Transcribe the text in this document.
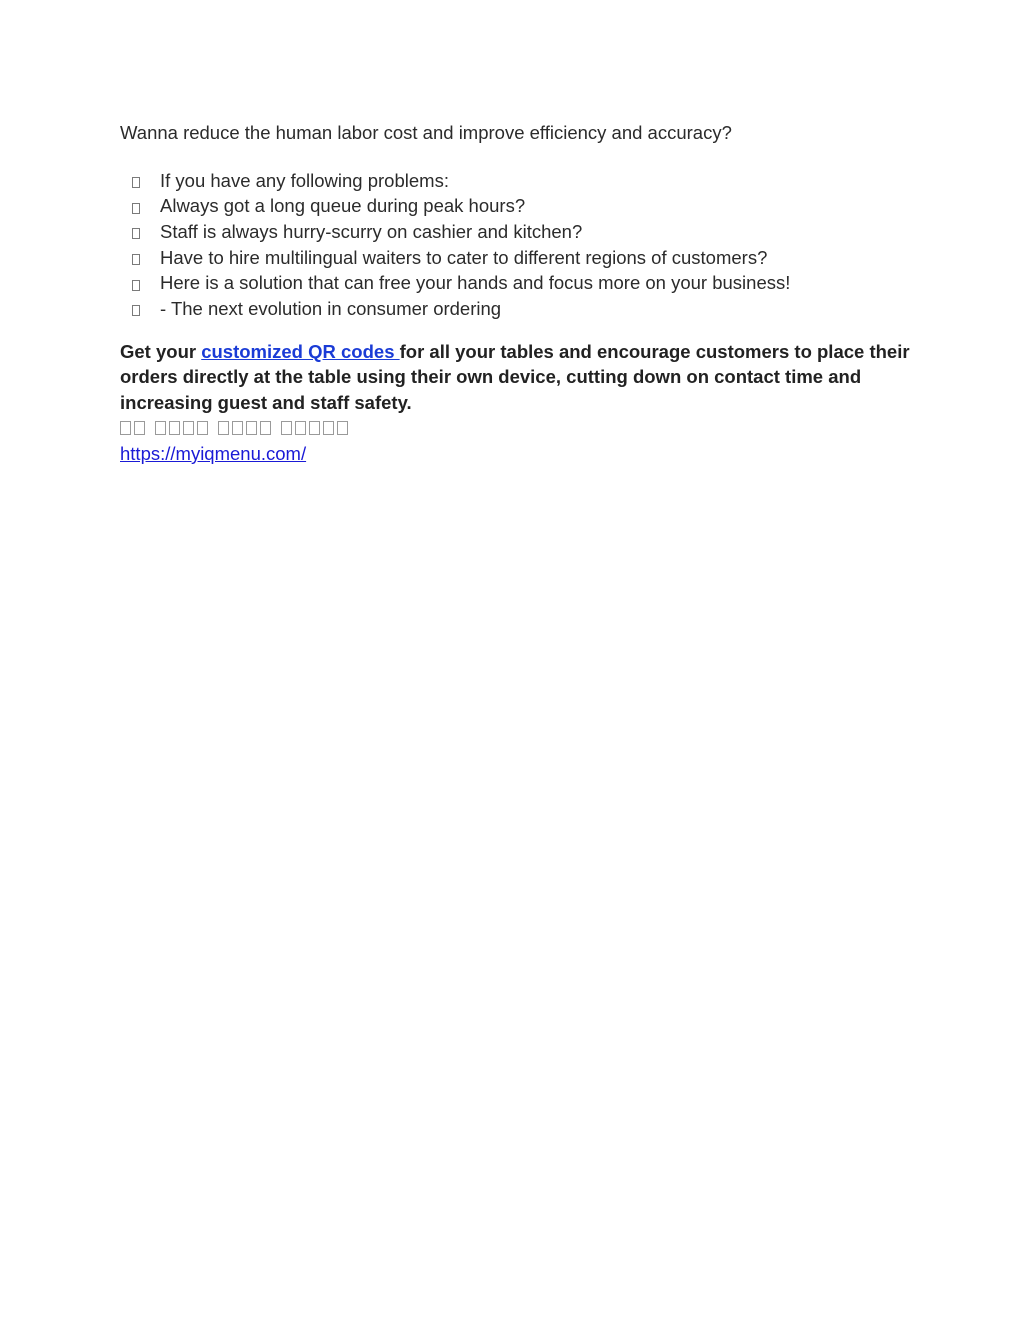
Wanna reduce the human labor cost and improve efficiency and accuracy?
If you have any following problems:
Always got a long queue during peak hours?
Staff is always hurry-scurry on cashier and kitchen?
Have to hire multilingual waiters to cater to different regions of customers?
Here is a solution that can free your hands and focus more on your business!
- The next evolution in consumer ordering

Get your customized QR codes for all your tables and encourage customers to place their orders directly at the table using their own device, cutting down on contact time and increasing guest and staff safety.

https://myiqmenu.com/
